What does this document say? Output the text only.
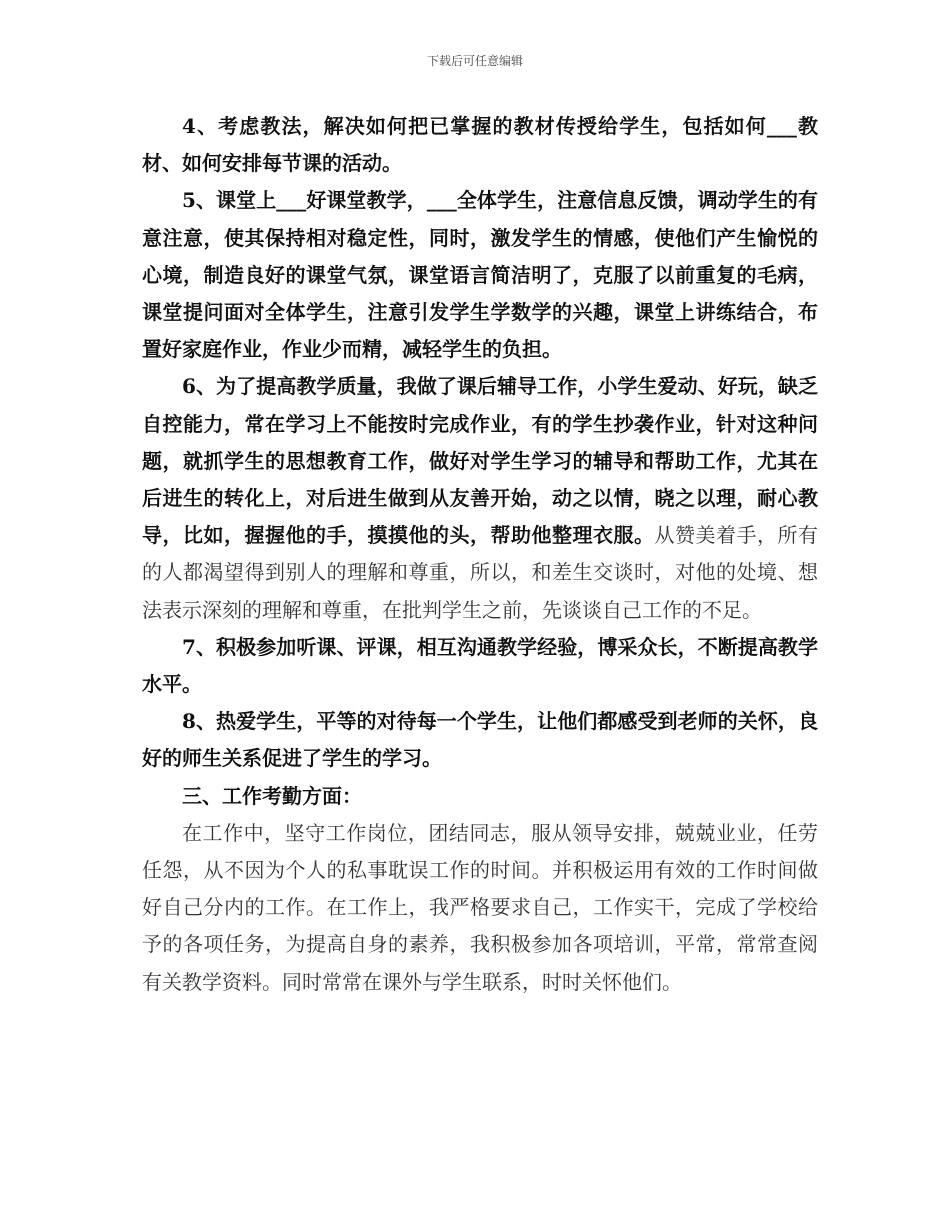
下载后可任意编辑

4、考虑教法，解决如何把已掌握的教材传授给学生，包括如何___教材、如何安排每节课的活动。

5、课堂上___好课堂教学，___全体学生，注意信息反馈，调动学生的有意注意，使其保持相对稳定性，同时，激发学生的情感，使他们产生愉悦的心境，制造良好的课堂气氛，课堂语言简洁明了，克服了以前重复的毛病，课堂提问面对全体学生，注意引发学生学数学的兴趣，课堂上讲练结合，布置好家庭作业，作业少而精，减轻学生的负担。

6、为了提高教学质量，我做了课后辅导工作，小学生爱动、好玩，缺乏自控能力，常在学习上不能按时完成作业，有的学生抄袭作业，针对这种问题，就抓学生的思想教育工作，做好对学生学习的辅导和帮助工作，尤其在后进生的转化上，对后进生做到从友善开始，动之以情，晓之以理，耐心教导，比如，握握他的手，摸摸他的头，帮助他整理衣服。从赞美着手，所有的人都渴望得到别人的理解和尊重，所以，和差生交谈时，对他的处境、想法表示深刻的理解和尊重，在批判学生之前，先谈谈自己工作的不足。

7、积极参加听课、评课，相互沟通教学经验，博采众长，不断提高教学水平。

8、热爱学生，平等的对待每一个学生，让他们都感受到老师的关怀，良好的师生关系促进了学生的学习。

三、工作考勤方面：

在工作中，坚守工作岗位，团结同志，服从领导安排，兢兢业业，任劳任怨，从不因为个人的私事耽误工作的时间。并积极运用有效的工作时间做好自己分内的工作。在工作上，我严格要求自己，工作实干，完成了学校给予的各项任务，为提高自身的素养，我积极参加各项培训，平常，常常查阅有关教学资料。同时常常在课外与学生联系，时时关怀他们。
